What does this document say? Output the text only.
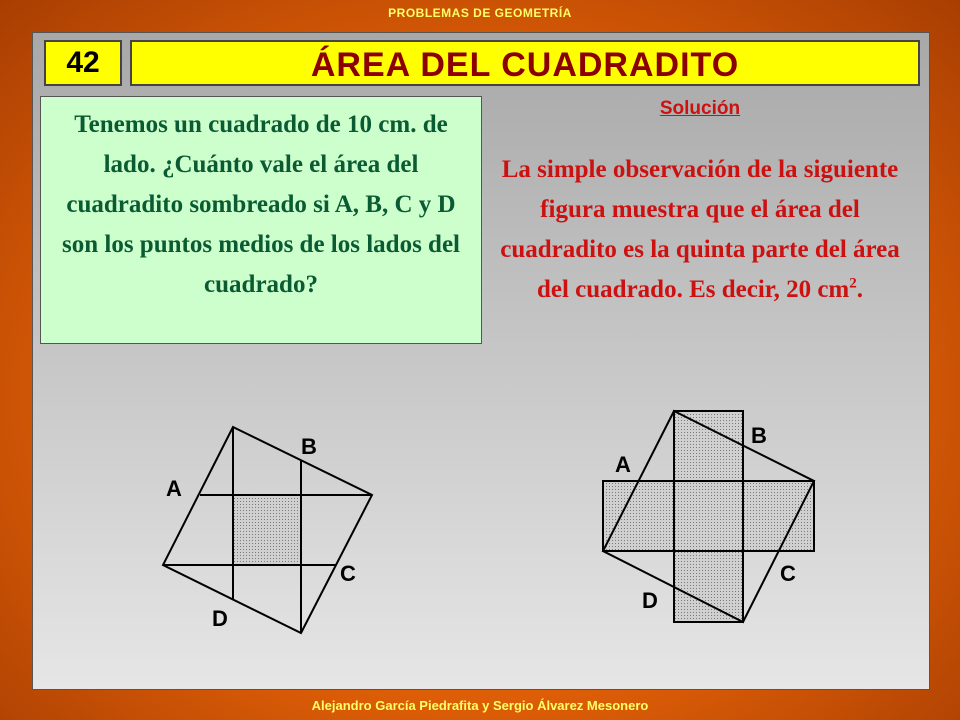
PROBLEMAS DE GEOMETRÍA
42	ÁREA DEL CUADRADITO
Tenemos un cuadrado de 10 cm. de lado. ¿Cuánto vale el área del cuadradito sombreado si A, B, C y D son los puntos medios de los lados del cuadrado?
Solución
La simple observación de la siguiente figura muestra que el área del cuadradito es la quinta parte del área del cuadrado. Es decir, 20 $cm^2$.
A
B
C
D
A
B
C
D
Alejandro García Piedrafita y Sergio Álvarez Mesonero
